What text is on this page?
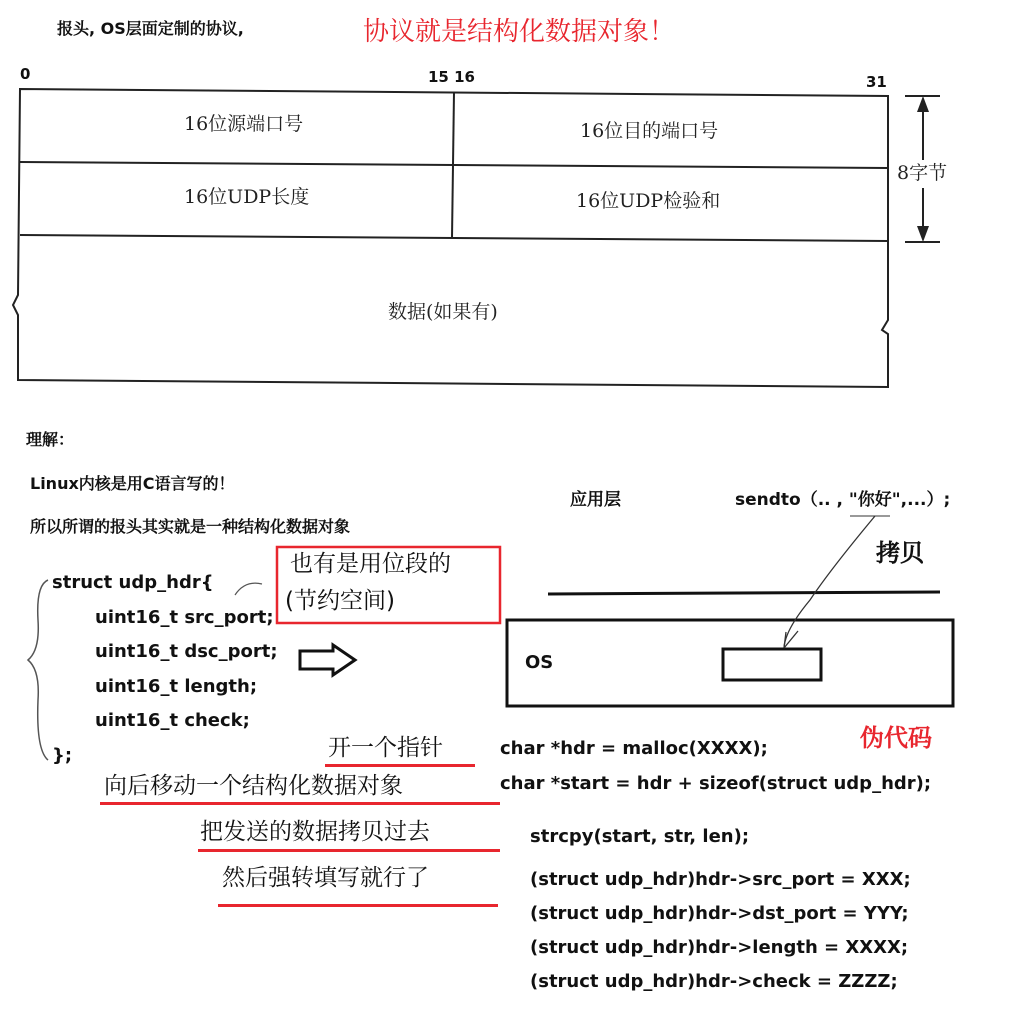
报头, OS层面定制的协议,	协议就是结构化数据对象！
0	15 16	31
16位源端口号	16位目的端口号
16位UDP长度	16位UDP检验和
数据(如果有)
8字节
理解：
Linux内核是用C语言写的！
所以所谓的报头其实就是一种结构化数据对象
struct udp_hdr{
uint16_t src_port;
uint16_t dsc_port;
uint16_t length;
uint16_t check;
};
也有是用位段的
(节约空间)
应用层	sendto（.. , "你好",...）;
拷贝
OS
伪代码
char *hdr = malloc(XXXX);
char *start = hdr + sizeof(struct udp_hdr);
strcpy(start, str, len);
(struct udp_hdr)hdr->src_port = XXX;
(struct udp_hdr)hdr->dst_port = YYY;
(struct udp_hdr)hdr->length = XXXX;
(struct udp_hdr)hdr->check = ZZZZ;
开一个指针
向后移动一个结构化数据对象
把发送的数据拷贝过去
然后强转填写就行了
